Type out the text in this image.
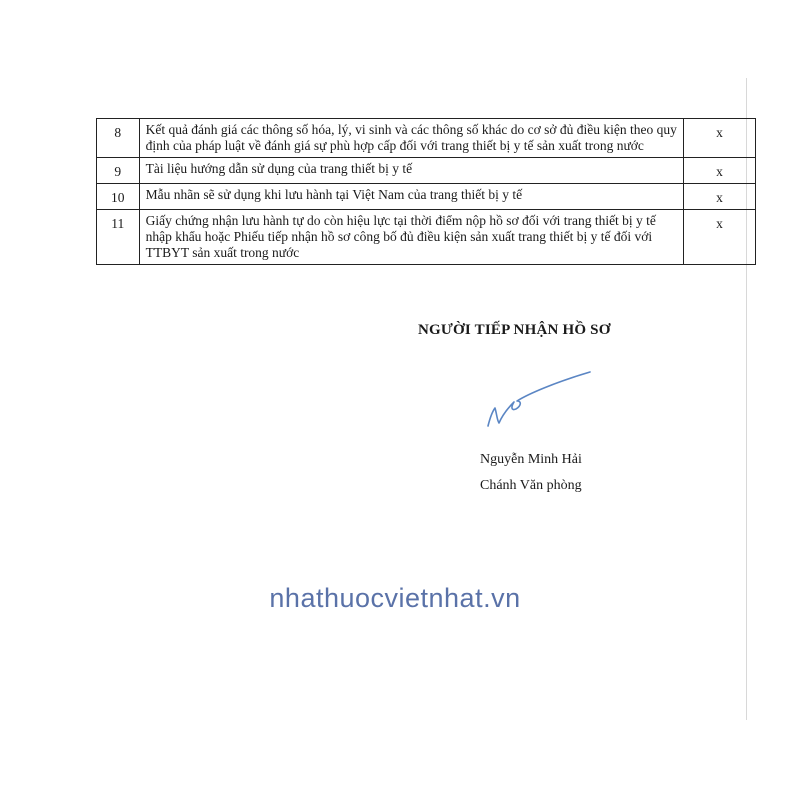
8	Kết quả đánh giá các thông số hóa, lý, vi sinh và các thông số khác do cơ sở đủ điều kiện theo quy định của pháp luật về đánh giá sự phù hợp cấp đối với trang thiết bị y tế sản xuất trong nước	x
9	Tài liệu hướng dẫn sử dụng của trang thiết bị y tế	x
10	Mẫu nhãn sẽ sử dụng khi lưu hành tại Việt Nam của trang thiết bị y tế	x
11	Giấy chứng nhận lưu hành tự do còn hiệu lực tại thời điểm nộp hồ sơ đối với trang thiết bị y tế nhập khẩu hoặc Phiếu tiếp nhận hồ sơ công bố đủ điều kiện sản xuất trang thiết bị y tế đối với TTBYT sản xuất trong nước	x
NGƯỜI TIẾP NHẬN HỒ SƠ
Nguyễn Minh Hải
Chánh Văn phòng
nhathuocvietnhat.vn
